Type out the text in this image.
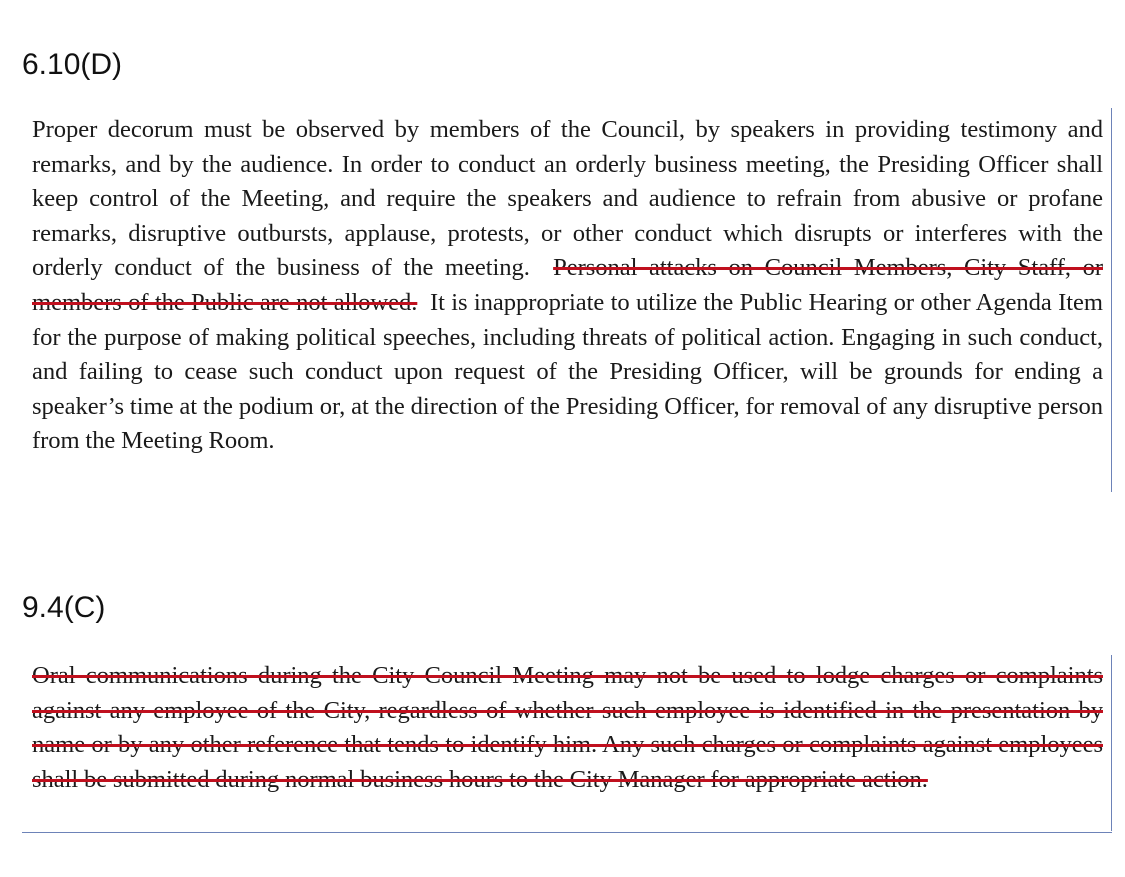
6.10(D)
Proper decorum must be observed by members of the Council, by speakers in providing testimony and remarks, and by the audience. In order to conduct an orderly business meeting, the Presiding Officer shall keep control of the Meeting, and require the speakers and audience to refrain from abusive or profane remarks, disruptive outbursts, applause, protests, or other conduct which disrupts or interferes with the orderly conduct of the business of the meeting. Personal attacks on Council Members, City Staff, or members of the Public are not allowed. It is inappropriate to utilize the Public Hearing or other Agenda Item for the purpose of making political speeches, including threats of political action. Engaging in such conduct, and failing to cease such conduct upon request of the Presiding Officer, will be grounds for ending a speaker’s time at the podium or, at the direction of the Presiding Officer, for removal of any disruptive person from the Meeting Room.
9.4(C)
Oral communications during the City Council Meeting may not be used to lodge charges or complaints against any employee of the City, regardless of whether such employee is identified in the presentation by name or by any other reference that tends to identify him. Any such charges or complaints against employees shall be submitted during normal business hours to the City Manager for appropriate action.
